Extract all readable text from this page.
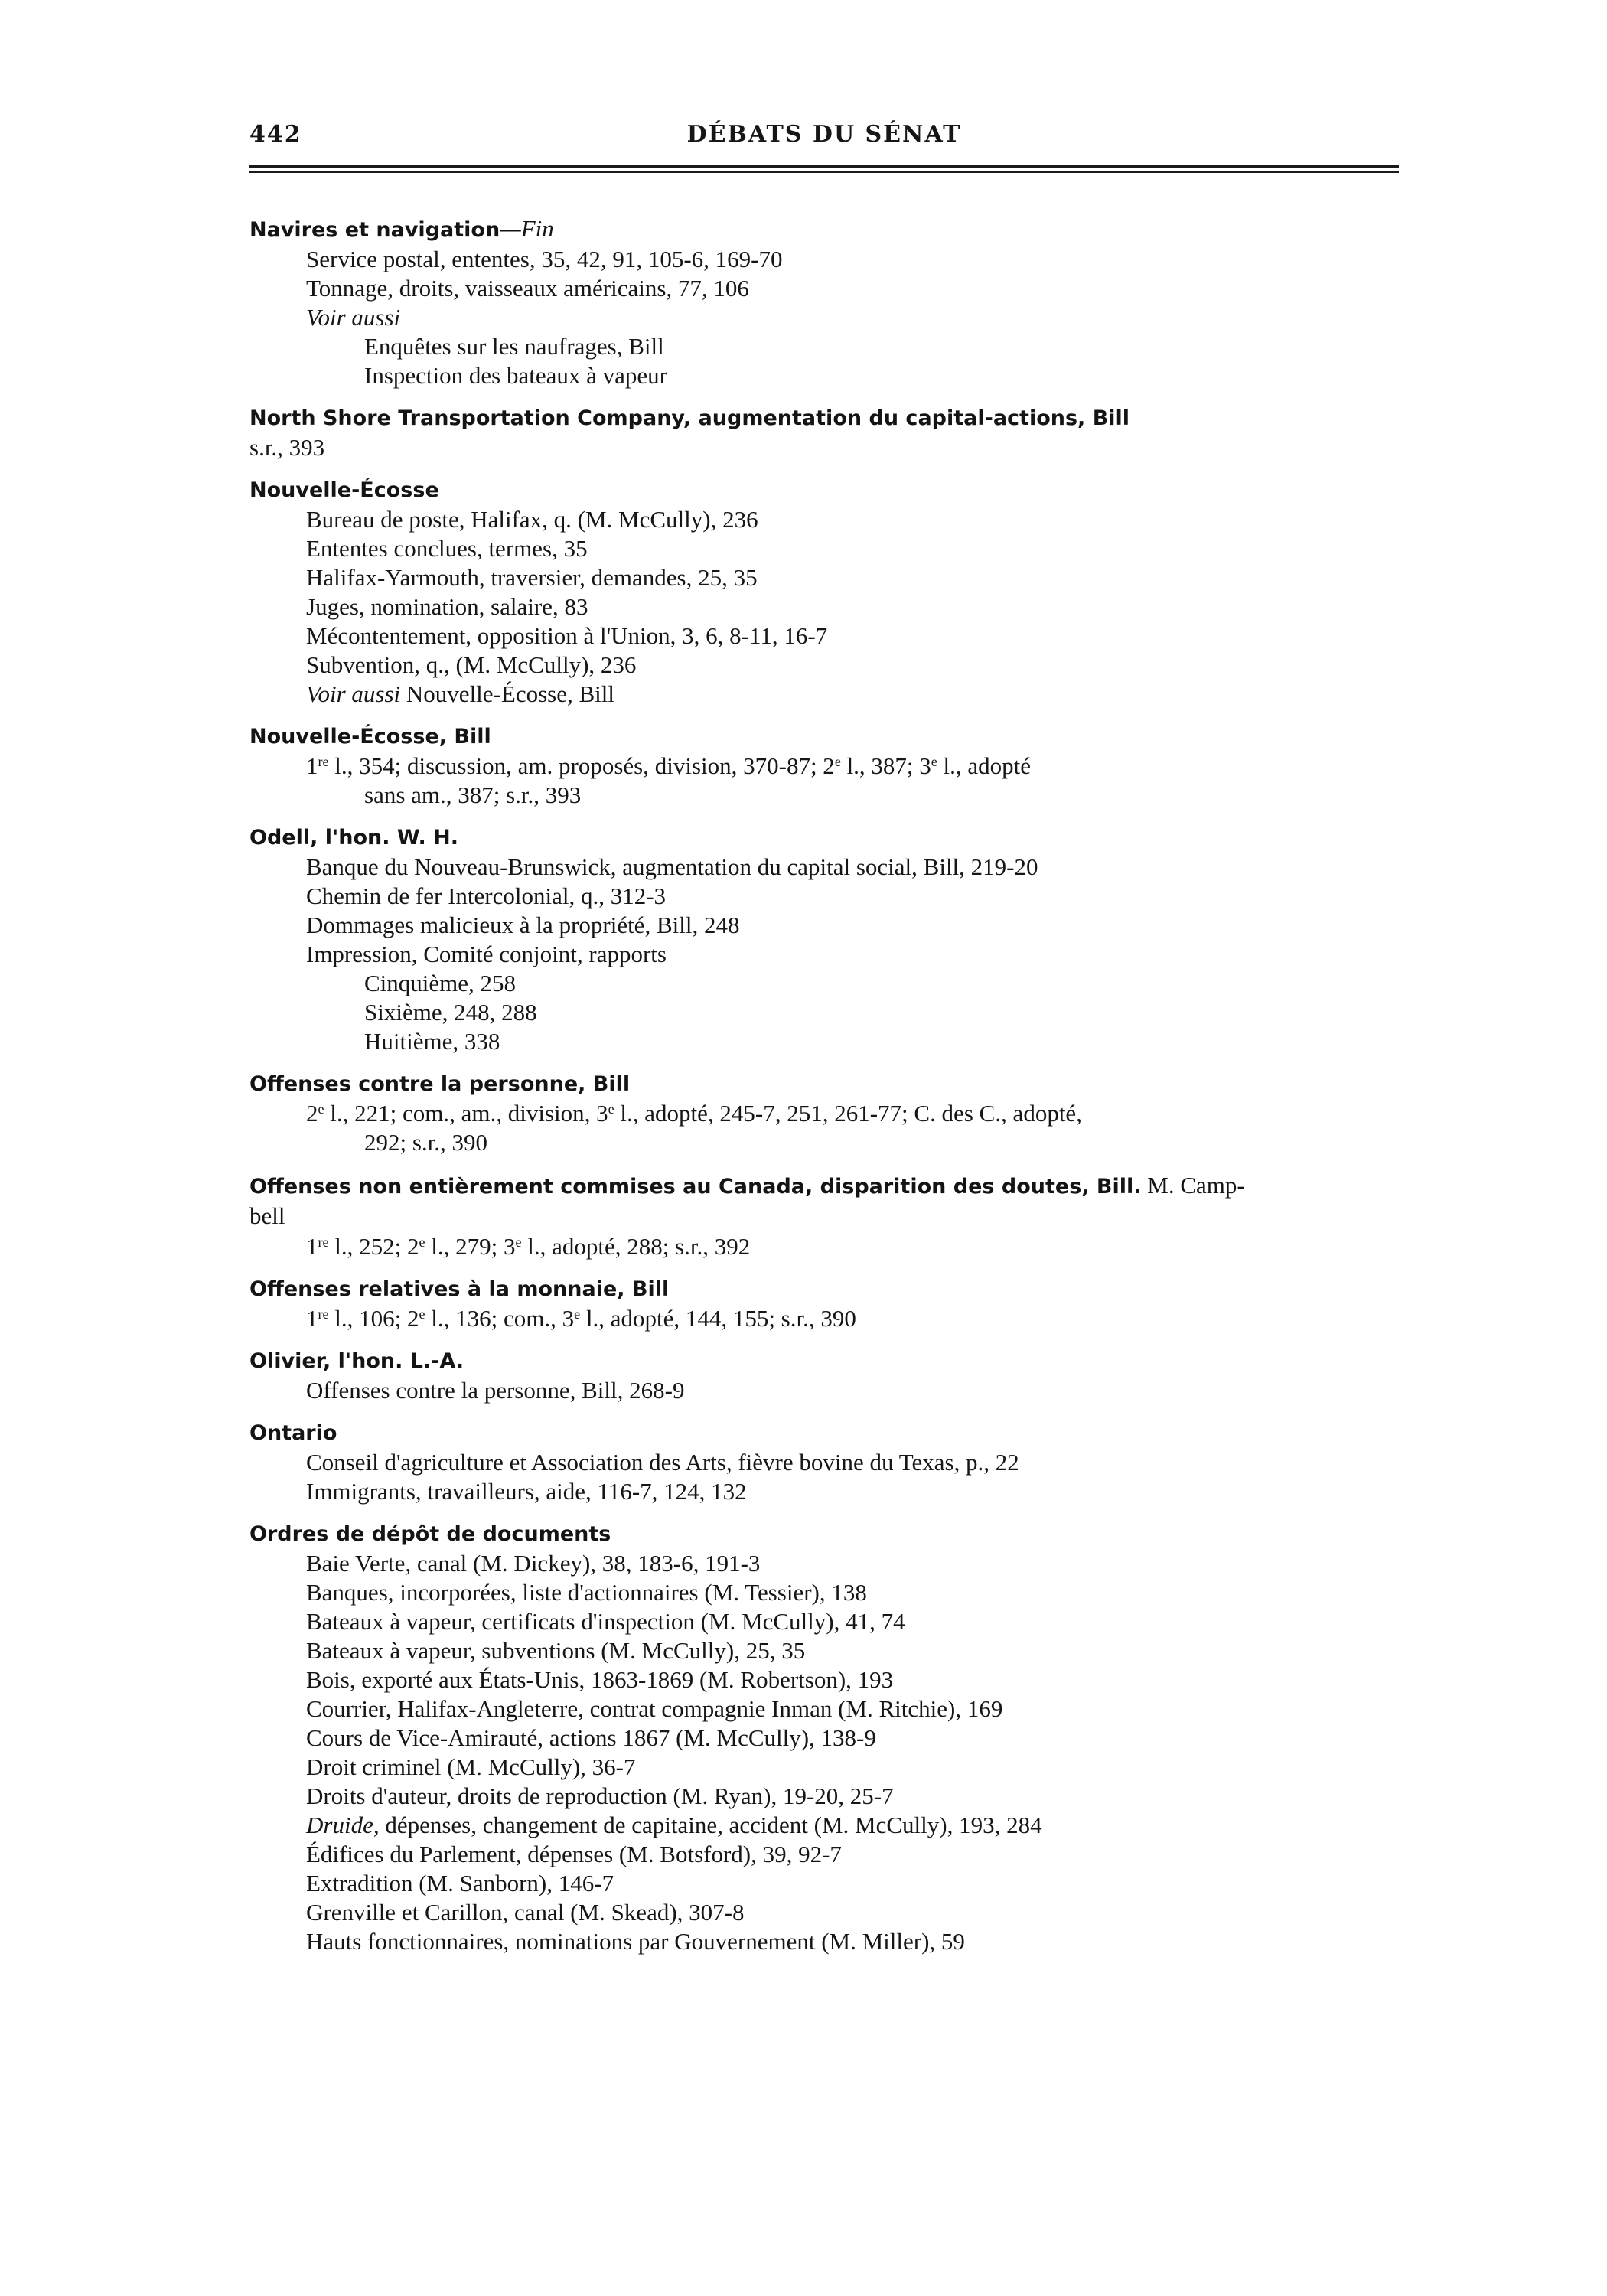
442	DÉBATS DU SÉNAT
Navires et navigation—Fin
Service postal, ententes, 35, 42, 91, 105-6, 169-70
Tonnage, droits, vaisseaux américains, 77, 106
Voir aussi
Enquêtes sur les naufrages, Bill
Inspection des bateaux à vapeur
North Shore Transportation Company, augmentation du capital-actions, Bill
s.r., 393
Nouvelle-Écosse
Bureau de poste, Halifax, q. (M. McCully), 236
Ententes conclues, termes, 35
Halifax-Yarmouth, traversier, demandes, 25, 35
Juges, nomination, salaire, 83
Mécontentement, opposition à l'Union, 3, 6, 8-11, 16-7
Subvention, q., (M. McCully), 236
Voir aussi Nouvelle-Écosse, Bill
Nouvelle-Écosse, Bill
1re l., 354; discussion, am. proposés, division, 370-87; 2e l., 387; 3e l., adopté
sans am., 387; s.r., 393
Odell, l'hon. W. H.
Banque du Nouveau-Brunswick, augmentation du capital social, Bill, 219-20
Chemin de fer Intercolonial, q., 312-3
Dommages malicieux à la propriété, Bill, 248
Impression, Comité conjoint, rapports
Cinquième, 258
Sixième, 248, 288
Huitième, 338
Offenses contre la personne, Bill
2e l., 221; com., am., division, 3e l., adopté, 245-7, 251, 261-77; C. des C., adopté,
292; s.r., 390
Offenses non entièrement commises au Canada, disparition des doutes, Bill. M. Camp-
bell
1re l., 252; 2e l., 279; 3e l., adopté, 288; s.r., 392
Offenses relatives à la monnaie, Bill
1re l., 106; 2e l., 136; com., 3e l., adopté, 144, 155; s.r., 390
Olivier, l'hon. L.-A.
Offenses contre la personne, Bill, 268-9
Ontario
Conseil d'agriculture et Association des Arts, fièvre bovine du Texas, p., 22
Immigrants, travailleurs, aide, 116-7, 124, 132
Ordres de dépôt de documents
Baie Verte, canal (M. Dickey), 38, 183-6, 191-3
Banques, incorporées, liste d'actionnaires (M. Tessier), 138
Bateaux à vapeur, certificats d'inspection (M. McCully), 41, 74
Bateaux à vapeur, subventions (M. McCully), 25, 35
Bois, exporté aux États-Unis, 1863-1869 (M. Robertson), 193
Courrier, Halifax-Angleterre, contrat compagnie Inman (M. Ritchie), 169
Cours de Vice-Amirauté, actions 1867 (M. McCully), 138-9
Droit criminel (M. McCully), 36-7
Droits d'auteur, droits de reproduction (M. Ryan), 19-20, 25-7
Druide, dépenses, changement de capitaine, accident (M. McCully), 193, 284
Édifices du Parlement, dépenses (M. Botsford), 39, 92-7
Extradition (M. Sanborn), 146-7
Grenville et Carillon, canal (M. Skead), 307-8
Hauts fonctionnaires, nominations par Gouvernement (M. Miller), 59
